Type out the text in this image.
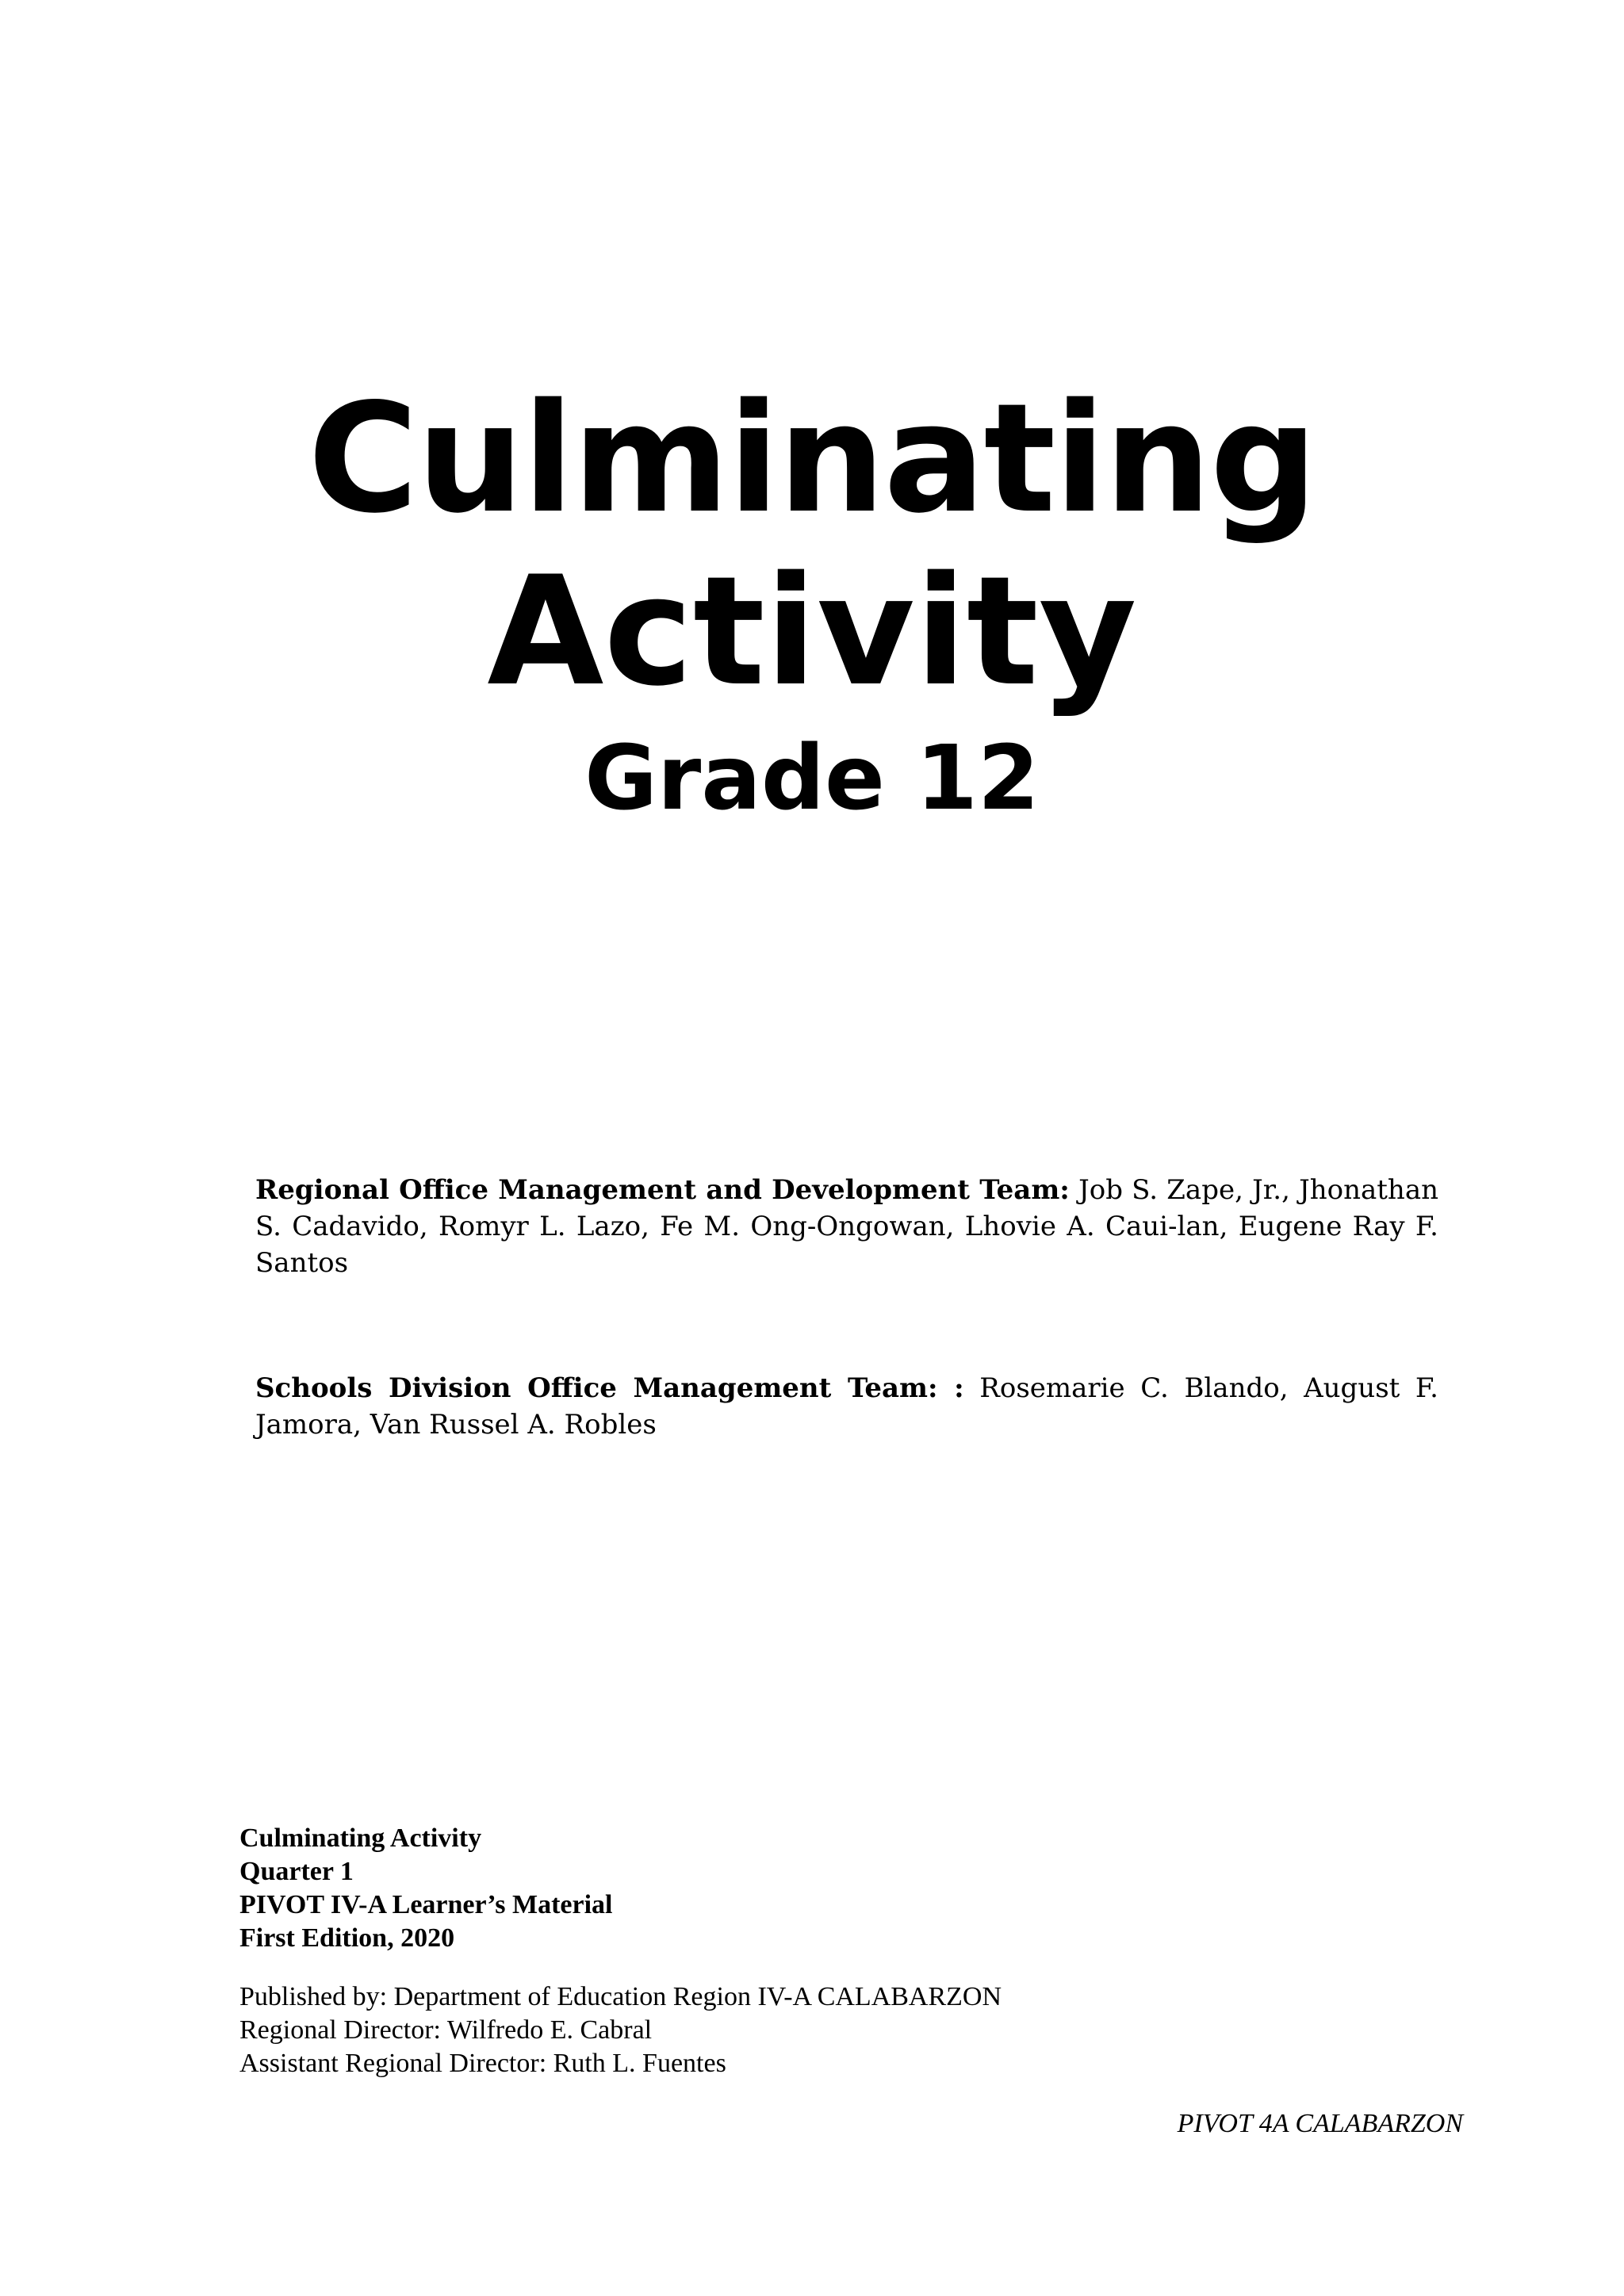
Culminating
Activity
Grade 12
Regional Office Management and Development Team: Job S. Zape, Jr., Jhonathan S. Cadavido, Romyr L. Lazo, Fe M. Ong-Ongowan, Lhovie A. Caui-lan, Eugene Ray F. Santos
Schools Division Office Management Team: : Rosemarie C. Blando, August F. Jamora, Van Russel A. Robles
Culminating Activity
Quarter 1
PIVOT IV-A Learner’s Material
First Edition, 2020
Published by: Department of Education Region IV-A CALABARZON
Regional Director: Wilfredo E. Cabral
Assistant Regional Director: Ruth L. Fuentes
PIVOT 4A CALABARZON
